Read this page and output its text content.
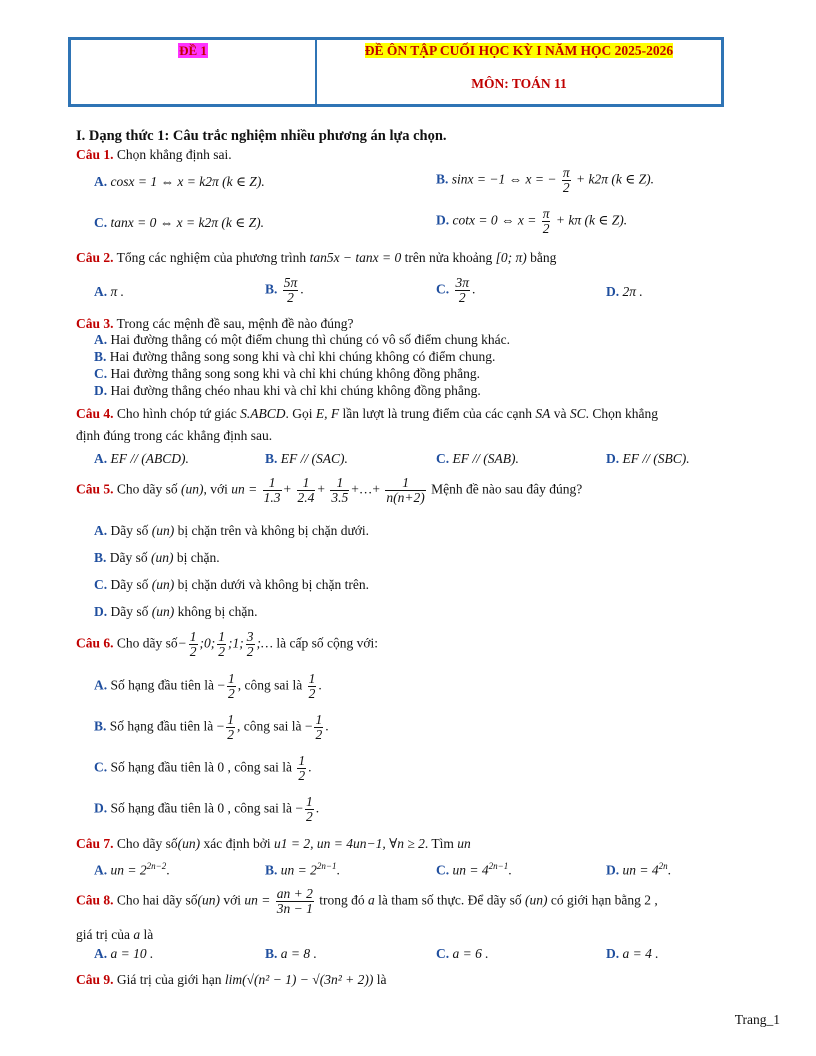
ĐỀ 1	ĐỀ ÔN TẬP CUỐI HỌC KỲ I NĂM HỌC 2025-2026
MÔN: TOÁN 11
I. Dạng thức 1: Câu trắc nghiệm nhiều phương án lựa chọn.
Câu 1. Chọn khẳng định sai.
A. cosx = 1 ⇔ x = k2π (k ∈ Z).	B. sinx = −1 ⇔ x = − $\frac{\pi}{2} + k2\pi$ (k ∈ Z).
C. tanx = 0 ⇔ x = k2π (k ∈ Z).	D. cotx = 0 ⇔ $x = \frac{\pi}{2} + k\pi$ (k ∈ Z).
Câu 2. Tổng các nghiệm của phương trình tan5x − tanx = 0 trên nửa khoảng [0; π) bằng
A. π .	B. $\frac{5\pi}{2}$ .	C. $\frac{3\pi}{2}$ .	D. 2π .
Câu 3. Trong các mệnh đề sau, mệnh đề nào đúng?
A. Hai đường thẳng có một điểm chung thì chúng có vô số điểm chung khác.
B. Hai đường thẳng song song khi và chỉ khi chúng không có điểm chung.
C. Hai đường thẳng song song khi và chỉ khi chúng không đồng phẳng.
D. Hai đường thẳng chéo nhau khi và chỉ khi chúng không đồng phẳng.
Câu 4. Cho hình chóp tứ giác S.ABCD. Gọi E, F lần lượt là trung điểm của các cạnh SA và SC. Chọn khẳng
định đúng trong các khẳng định sau.
A. EF // (ABCD).	B. EF // (SAC).	C. EF // (SAB).	D. EF // (SBC).
Câu 5. Cho dãy số (un), với un = $\frac{1}{1.3} + \frac{1}{2.4} + \frac{1}{3.5}$ +…+ $\frac{1}{n(n+2)}$ Mệnh đề nào sau đây đúng?
A. Dãy số (un) bị chặn trên và không bị chặn dưới.
B. Dãy số (un) bị chặn.
C. Dãy số (un) bị chặn dưới và không bị chặn trên.
D. Dãy số (un) không bị chặn.
Câu 6. Cho dãy số− $\frac{1}{2}$ ;0; $\frac{1}{2}$ ;1; $\frac{3}{2}$ ;… là cấp số cộng với:
A. Số hạng đầu tiên là − $\frac{1}{2}$ , công sai là $\frac{1}{2}$ .
B. Số hạng đầu tiên là − $\frac{1}{2}$ , công sai là − $\frac{1}{2}$ .
C. Số hạng đầu tiên là 0 , công sai là $\frac{1}{2}$ .
D. Số hạng đầu tiên là 0 , công sai là − $\frac{1}{2}$ .
Câu 7. Cho dãy số(un) xác định bởi u1 = 2, un = 4un−1, ∀n ≥ 2. Tìm un
A. un = $2^{2n-2}$.	B. un = $2^{2n-1}$.	C. un = $4^{2n-1}$.	D. un = $4^{2n}$.
Câu 8. Cho hai dãy số(un) với un = $\frac{an + 2}{3n - 1}$ trong đó a là tham số thực. Để dãy số (un) có giới hạn bằng 2 ,
giá trị của a là
A. a = 10 .	B. a = 8 .	C. a = 6 .	D. a = 4 .
Câu 9. Giá trị của giới hạn lim(√(n² − 1) − √(3n² + 2)) là
Trang_1
